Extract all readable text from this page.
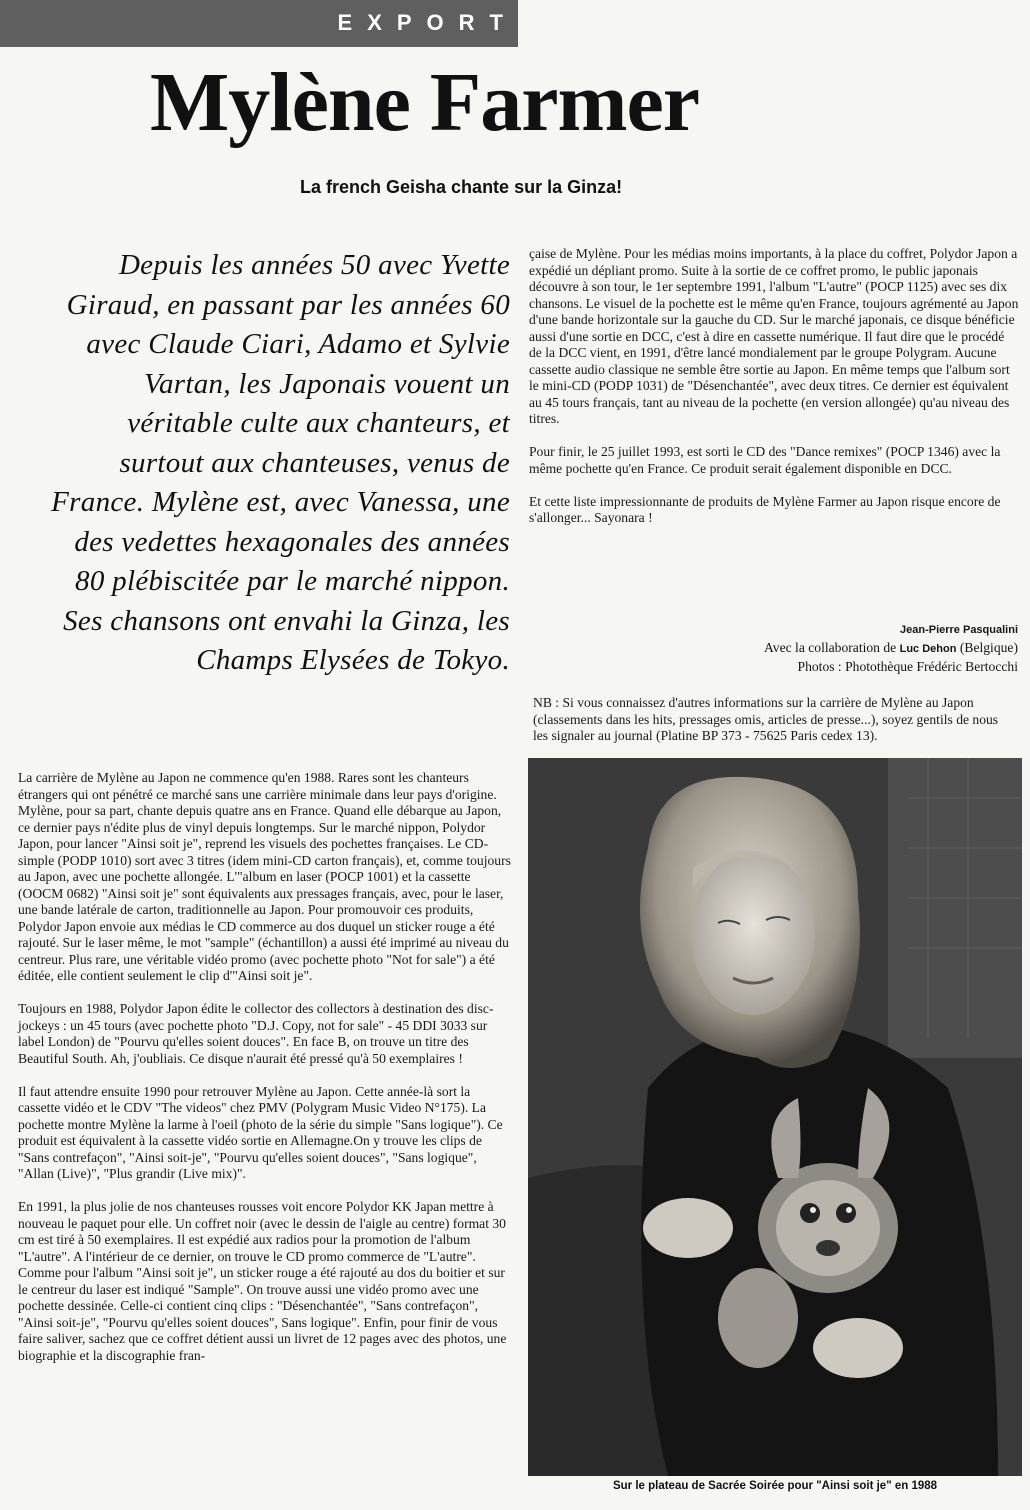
EXPORT
Mylène Farmer
La french Geisha chante sur la Ginza!

Depuis les années 50 avec Yvette Giraud, en passant par les années 60 avec Claude Ciari, Adamo et Sylvie Vartan, les Japonais vouent un véritable culte aux chanteurs, et surtout aux chanteuses, venus de France. Mylène est, avec Vanessa, une des vedettes hexagonales des années 80 plébiscitée par le marché nippon. Ses chansons ont envahi la Ginza, les Champs Elysées de Tokyo.

La carrière de Mylène au Japon ne commence qu'en 1988. Rares sont les chanteurs étrangers qui ont pénétré ce marché sans une carrière minimale dans leur pays d'origine. Mylène, pour sa part, chante depuis quatre ans en France. Quand elle débarque au Japon, ce dernier pays n'édite plus de vinyl depuis longtemps. Sur le marché nippon, Polydor Japon, pour lancer "Ainsi soit je", reprend les visuels des pochettes françaises. Le CD-simple (PODP 1010) sort avec 3 titres (idem mini-CD carton français), et, comme toujours au Japon, avec une pochette allongée. L'"album en laser (POCP 1001) et la cassette (OOCM 0682) "Ainsi soit je" sont équivalents aux pressages français, avec, pour le laser, une bande latérale de carton, traditionnelle au Japon. Pour promouvoir ces produits, Polydor Japon envoie aux médias le CD commerce au dos duquel un sticker rouge a été rajouté. Sur le laser même, le mot "sample" (échantillon) a aussi été imprimé au niveau du centreur. Plus rare, une véritable vidéo promo (avec pochette photo "Not for sale") a été éditée, elle contient seulement le clip d'"Ainsi soit je".

Toujours en 1988, Polydor Japon édite le collector des collectors à destination des disc-jockeys : un 45 tours (avec pochette photo "D.J. Copy, not for sale" - 45 DDI 3033 sur label London) de "Pourvu qu'elles soient douces". En face B, on trouve un titre des Beautiful South. Ah, j'oubliais. Ce disque n'aurait été pressé qu'à 50 exemplaires !

Il faut attendre ensuite 1990 pour retrouver Mylène au Japon. Cette année-là sort la cassette vidéo et le CDV "The videos" chez PMV (Polygram Music Video N°175). La pochette montre Mylène la larme à l'oeil (photo de la série du simple "Sans logique"). Ce produit est équivalent à la cassette vidéo sortie en Allemagne.On y trouve les clips de "Sans contrefaçon", "Ainsi soit-je", "Pourvu qu'elles soient douces", "Sans logique", "Allan (Live)", "Plus grandir (Live mix)".

En 1991, la plus jolie de nos chanteuses rousses voit encore Polydor KK Japan mettre à nouveau le paquet pour elle. Un coffret noir (avec le dessin de l'aigle au centre) format 30 cm est tiré à 50 exemplaires. Il est expédié aux radios pour la promotion de l'album "L'autre". A l'intérieur de ce dernier, on trouve le CD promo commerce de "L'autre". Comme pour l'album "Ainsi soit je", un sticker rouge a été rajouté au dos du boitier et sur le centreur du laser est indiqué "Sample". On trouve aussi une vidéo promo avec une pochette dessinée. Celle-ci contient cinq clips : "Désenchantée", "Sans contrefaçon", "Ainsi soit-je", "Pourvu qu'elles soient douces", Sans logique". Enfin, pour finir de vous faire saliver, sachez que ce coffret détient aussi un livret de 12 pages avec des photos, une biographie et la discographie fran-

çaise de Mylène. Pour les médias moins importants, à la place du coffret, Polydor Japon a expédié un dépliant promo. Suite à la sortie de ce coffret promo, le public japonais découvre à son tour, le 1er septembre 1991, l'album "L'autre" (POCP 1125) avec ses dix chansons. Le visuel de la pochette est le même qu'en France, toujours agrémenté au Japon d'une bande horizontale sur la gauche du CD. Sur le marché japonais, ce disque bénéficie aussi d'une sortie en DCC, c'est à dire en cassette numérique. Il faut dire que le procédé de la DCC vient, en 1991, d'être lancé mondialement par le groupe Polygram. Aucune cassette audio classique ne semble être sortie au Japon. En même temps que l'album sort le mini-CD (PODP 1031) de "Désenchantée", avec deux titres. Ce dernier est équivalent au 45 tours français, tant au niveau de la pochette (en version allongée) qu'au niveau des titres.

Pour finir, le 25 juillet 1993, est sorti le CD des "Dance remixes" (POCP 1346) avec la même pochette qu'en France. Ce produit serait également disponible en DCC.

Et cette liste impressionnante de produits de Mylène Farmer au Japon risque encore de s'allonger... Sayonara !

Jean-Pierre Pasqualini
Avec la collaboration de Luc Dehon (Belgique)
Photos : Photothèque Frédéric Bertocchi

NB : Si vous connaissez d'autres informations sur la carrière de Mylène au Japon (classements dans les hits, pressages omis, articles de presse...), soyez gentils de nous les signaler au journal (Platine BP 373 - 75625 Paris cedex 13).

Sur le plateau de Sacrée Soirée pour "Ainsi soit je" en 1988
